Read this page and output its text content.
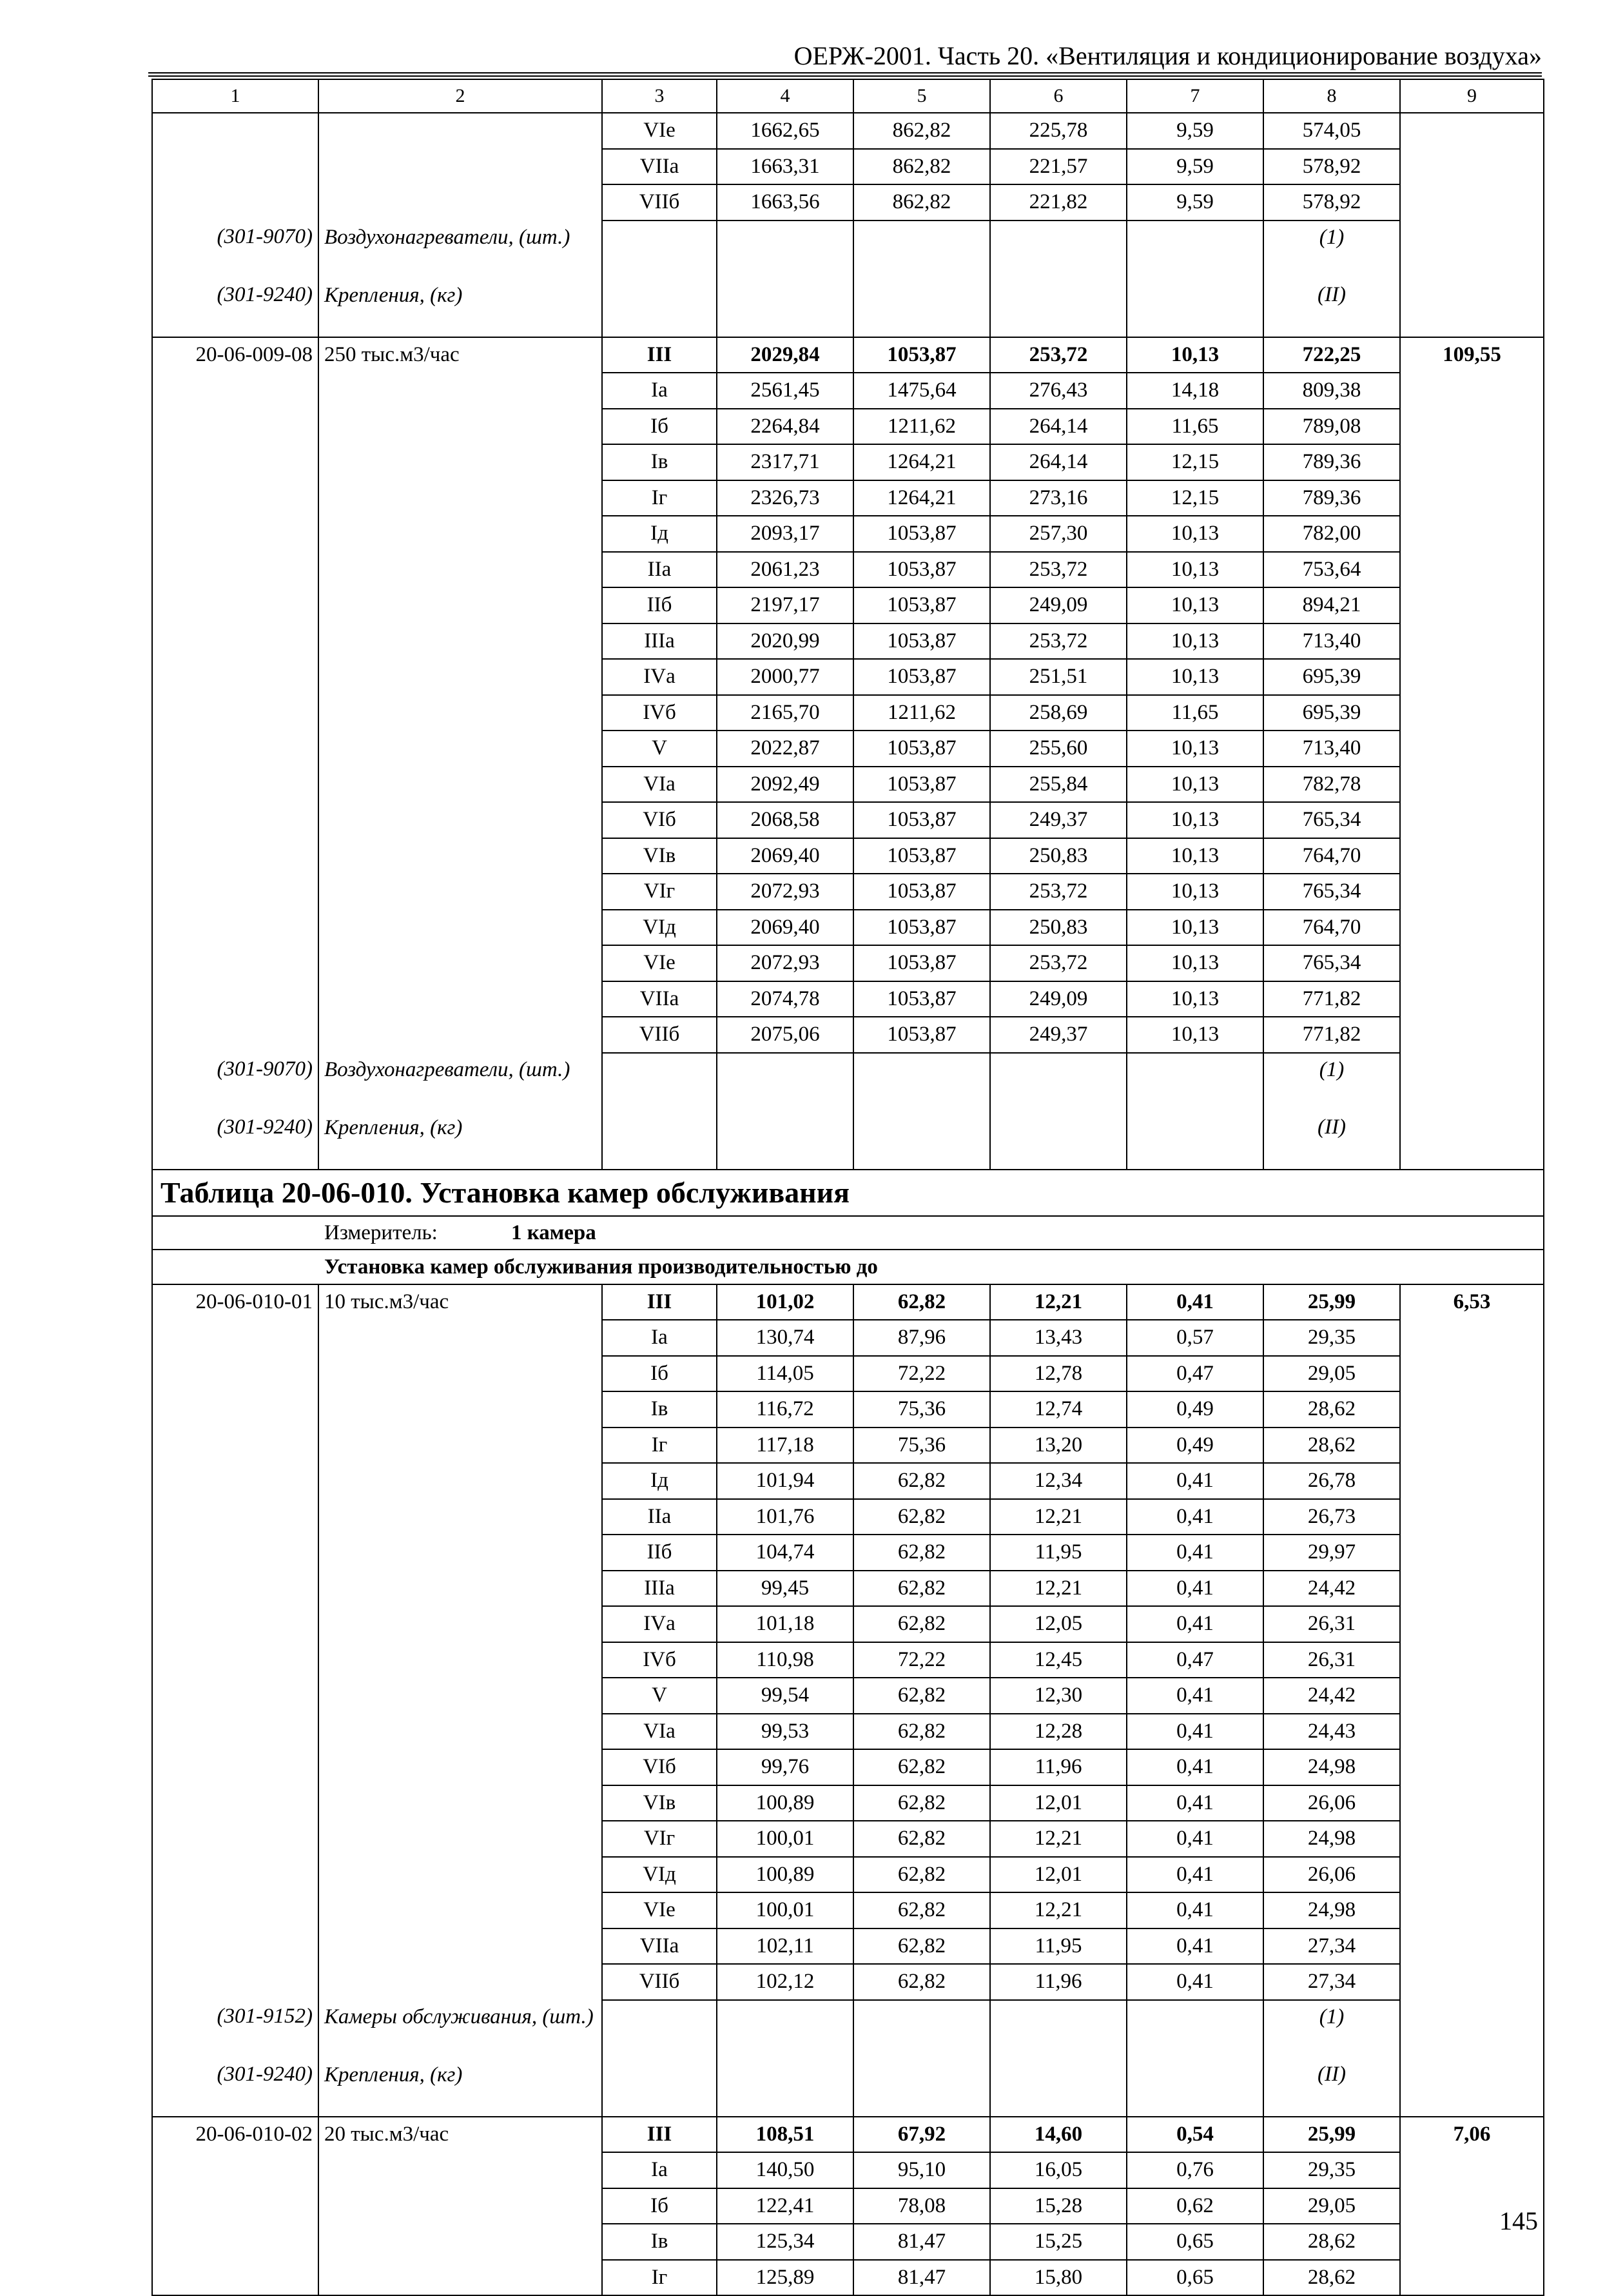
ОЕРЖ-2001. Часть 20. «Вентиляция и кондиционирование воздуха»
1	2	3	4	5	6	7	8	9
		VIе	1662,65	862,82	225,78	9,59	574,05	
		VIIа	1663,31	862,82	221,57	9,59	578,92	
		VIIб	1663,56	862,82	221,82	9,59	578,92	
(301-9070)	Воздухонагреватели, (шт.)						(1)	
(301-9240)	Крепления, (кг)						(II)	
20-06-009-08	250 тыс.м3/час	III	2029,84	1053,87	253,72	10,13	722,25	109,55
		Iа	2561,45	1475,64	276,43	14,18	809,38	
		Iб	2264,84	1211,62	264,14	11,65	789,08	
		Iв	2317,71	1264,21	264,14	12,15	789,36	
		Iг	2326,73	1264,21	273,16	12,15	789,36	
		Iд	2093,17	1053,87	257,30	10,13	782,00	
		IIа	2061,23	1053,87	253,72	10,13	753,64	
		IIб	2197,17	1053,87	249,09	10,13	894,21	
		IIIа	2020,99	1053,87	253,72	10,13	713,40	
		IVа	2000,77	1053,87	251,51	10,13	695,39	
		IVб	2165,70	1211,62	258,69	11,65	695,39	
		V	2022,87	1053,87	255,60	10,13	713,40	
		VIа	2092,49	1053,87	255,84	10,13	782,78	
		VIб	2068,58	1053,87	249,37	10,13	765,34	
		VIв	2069,40	1053,87	250,83	10,13	764,70	
		VIг	2072,93	1053,87	253,72	10,13	765,34	
		VIд	2069,40	1053,87	250,83	10,13	764,70	
		VIе	2072,93	1053,87	253,72	10,13	765,34	
		VIIа	2074,78	1053,87	249,09	10,13	771,82	
		VIIб	2075,06	1053,87	249,37	10,13	771,82	
(301-9070)	Воздухонагреватели, (шт.)						(1)	
(301-9240)	Крепления, (кг)						(II)	
Таблица 20-06-010. Установка камер обслуживания								
Измеритель: 1 камера								
Установка камер обслуживания производительностью до								
20-06-010-01	10 тыс.м3/час	III	101,02	62,82	12,21	0,41	25,99	6,53
		Iа	130,74	87,96	13,43	0,57	29,35	
		Iб	114,05	72,22	12,78	0,47	29,05	
		Iв	116,72	75,36	12,74	0,49	28,62	
		Iг	117,18	75,36	13,20	0,49	28,62	
		Iд	101,94	62,82	12,34	0,41	26,78	
		IIа	101,76	62,82	12,21	0,41	26,73	
		IIб	104,74	62,82	11,95	0,41	29,97	
		IIIа	99,45	62,82	12,21	0,41	24,42	
		IVа	101,18	62,82	12,05	0,41	26,31	
		IVб	110,98	72,22	12,45	0,47	26,31	
		V	99,54	62,82	12,30	0,41	24,42	
		VIа	99,53	62,82	12,28	0,41	24,43	
		VIб	99,76	62,82	11,96	0,41	24,98	
		VIв	100,89	62,82	12,01	0,41	26,06	
		VIг	100,01	62,82	12,21	0,41	24,98	
		VIд	100,89	62,82	12,01	0,41	26,06	
		VIе	100,01	62,82	12,21	0,41	24,98	
		VIIа	102,11	62,82	11,95	0,41	27,34	
		VIIб	102,12	62,82	11,96	0,41	27,34	
(301-9152)	Камеры обслуживания, (шт.)						(1)	
(301-9240)	Крепления, (кг)						(II)	
20-06-010-02	20 тыс.м3/час	III	108,51	67,92	14,60	0,54	25,99	7,06
		Iа	140,50	95,10	16,05	0,76	29,35	
		Iб	122,41	78,08	15,28	0,62	29,05	
		Iв	125,34	81,47	15,25	0,65	28,62	
		Iг	125,89	81,47	15,80	0,65	28,62	
145
